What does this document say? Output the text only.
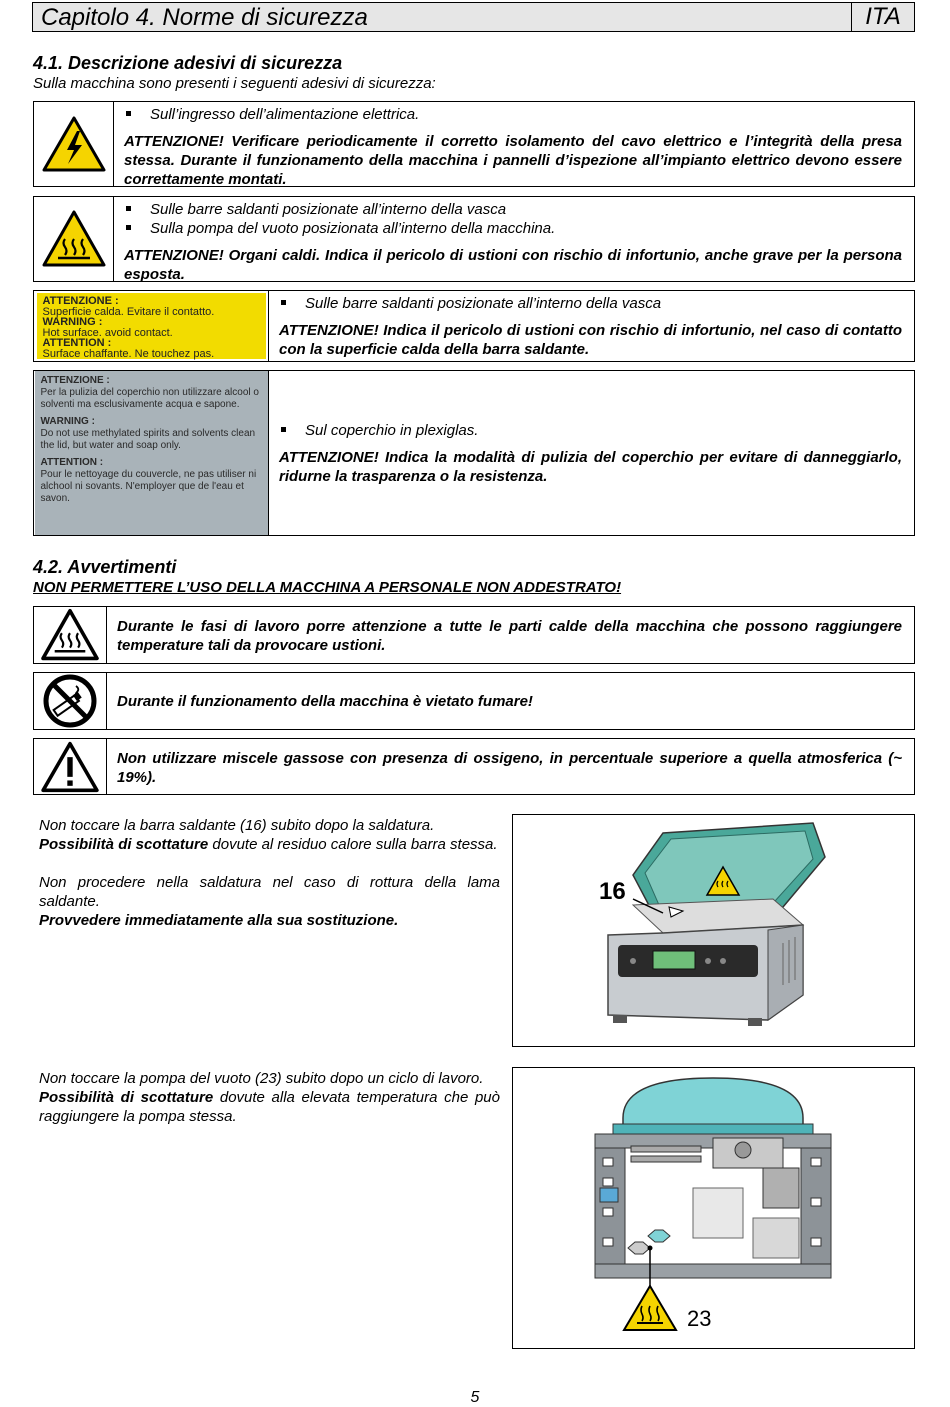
Capitolo 4. Norme di sicurezza	ITA
4.1. Descrizione adesivi di sicurezza
Sulla macchina sono presenti i seguenti adesivi di sicurezza:
Sull’ingresso dell’alimentazione elettrica.
ATTENZIONE! Verificare periodicamente il corretto isolamento del cavo elettrico e l’integrità della presa stessa. Durante il funzionamento della macchina i pannelli d’ispezione all’impianto elettrico devono essere correttamente montati.
Sulle barre saldanti posizionate all’interno della vasca
Sulla pompa del vuoto posizionata all’interno della macchina.
ATTENZIONE! Organi caldi. Indica il pericolo di ustioni con rischio di infortunio, anche grave per la persona esposta.
ATTENZIONE :
Superficie calda. Evitare il contatto.
WARNING :
Hot surface. avoid contact.
ATTENTION :
Surface chaffante. Ne touchez pas.
Sulle barre saldanti posizionate all’interno della vasca
ATTENZIONE! Indica il pericolo di ustioni con rischio di infortunio, nel caso di contatto con la superficie calda della barra saldante.
ATTENZIONE :
Per la pulizia del coperchio non utilizzare alcool o solventi ma esclusivamente acqua e sapone.
WARNING :
Do not use methylated spirits and solvents clean the lid, but water and soap only.
ATTENTION :
Pour le nettoyage du couvercle, ne pas utiliser ni alchool ni sovants. N'employer que de l'eau et savon.
Sul coperchio in plexiglas.
ATTENZIONE! Indica la modalità di pulizia del coperchio per evitare di danneggiarlo, ridurne la trasparenza o la resistenza.
4.2. Avvertimenti
NON PERMETTERE L’USO DELLA MACCHINA A PERSONALE NON ADDESTRATO!
Durante le fasi di lavoro porre attenzione a tutte le parti calde della macchina che possono raggiungere temperature tali da provocare ustioni.
Durante il funzionamento della macchina è vietato fumare!
Non utilizzare miscele gassose con presenza di ossigeno, in percentuale superiore a quella atmosferica (~ 19%).
Non toccare la barra saldante (16) subito dopo la saldatura.
Possibilità di scottature dovute al residuo calore sulla barra stessa.
Non procedere nella saldatura nel caso di rottura della lama saldante.
Provvedere immediatamente alla sua sostituzione.
16
Non toccare la pompa del vuoto (23) subito dopo un ciclo di lavoro.
Possibilità di scottature dovute alla elevata temperatura che può raggiungere la pompa stessa.
23
5
